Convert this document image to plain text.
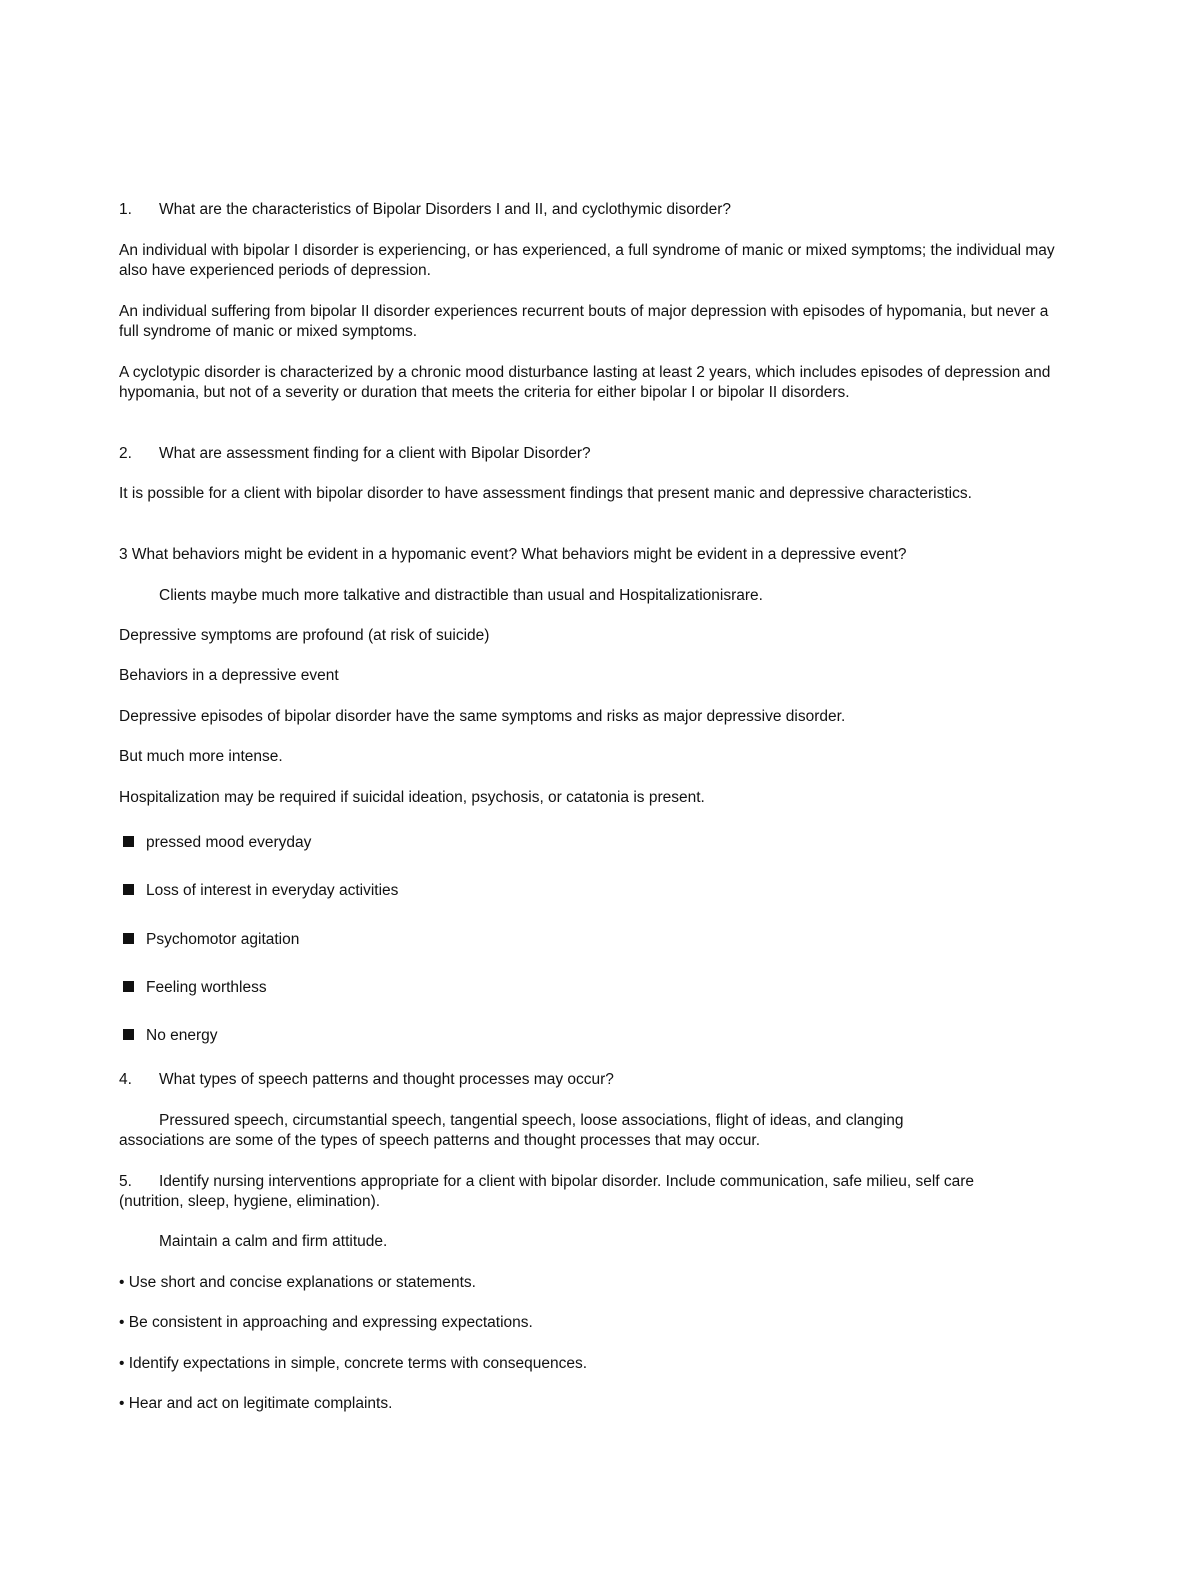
1. What are the characteristics of Bipolar Disorders I and II, and cyclothymic disorder?
An individual with bipolar I disorder is experiencing, or has experienced, a full syndrome of manic or mixed symptoms; the individual may also have experienced periods of depression.
An individual suffering from bipolar II disorder experiences recurrent bouts of major depression with episodes of hypomania, but never a full syndrome of manic or mixed symptoms.
A cyclotypic disorder is characterized by a chronic mood disturbance lasting at least 2 years, which includes episodes of depression and hypomania, but not of a severity or duration that meets the criteria for either bipolar I or bipolar II disorders.
2. What are assessment finding for a client with Bipolar Disorder?
It is possible for a client with bipolar disorder to have assessment findings that present manic and depressive characteristics.
3 What behaviors might be evident in a hypomanic event? What behaviors might be evident in a depressive event?
Clients maybe much more talkative and distractible than usual and Hospitalizationisrare.
Depressive symptoms are profound (at risk of suicide)
Behaviors in a depressive event
Depressive episodes of bipolar disorder have the same symptoms and risks as major depressive disorder.
But much more intense.
Hospitalization may be required if suicidal ideation, psychosis, or catatonia is present.
pressed mood everyday
Loss of interest in everyday activities
Psychomotor agitation
Feeling worthless
No energy
4. What types of speech patterns and thought processes may occur?
Pressured speech, circumstantial speech, tangential speech, loose associations, flight of ideas, and clanging
associations are some of the types of speech patterns and thought processes that may occur.
5. Identify nursing interventions appropriate for a client with bipolar disorder. Include communication, safe milieu, self care
(nutrition, sleep, hygiene, elimination).
Maintain a calm and firm attitude.
• Use short and concise explanations or statements.
• Be consistent in approaching and expressing expectations.
• Identify expectations in simple, concrete terms with consequences.
• Hear and act on legitimate complaints.
